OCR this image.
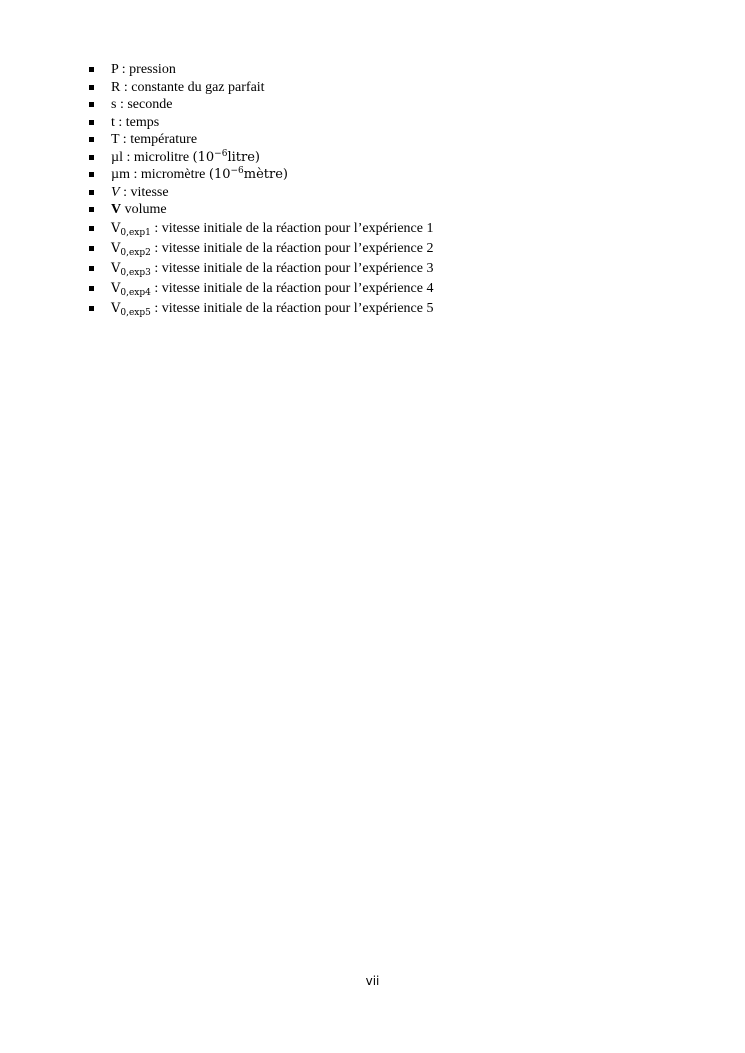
P : pression
R : constante du gaz parfait
s : seconde
t : temps
T : température
µl : microlitre $(10^{-6}litre)$
µm : micromètre $(10^{-6}mètre)$
V : vitesse
V volume
$V_{0,exp1}$ : vitesse initiale de la réaction pour l’expérience 1
$V_{0,exp2}$ : vitesse initiale de la réaction pour l’expérience 2
$V_{0,exp3}$ : vitesse initiale de la réaction pour l’expérience 3
$V_{0,exp4}$ : vitesse initiale de la réaction pour l’expérience 4
$V_{0,exp5}$ : vitesse initiale de la réaction pour l’expérience 5
vii
